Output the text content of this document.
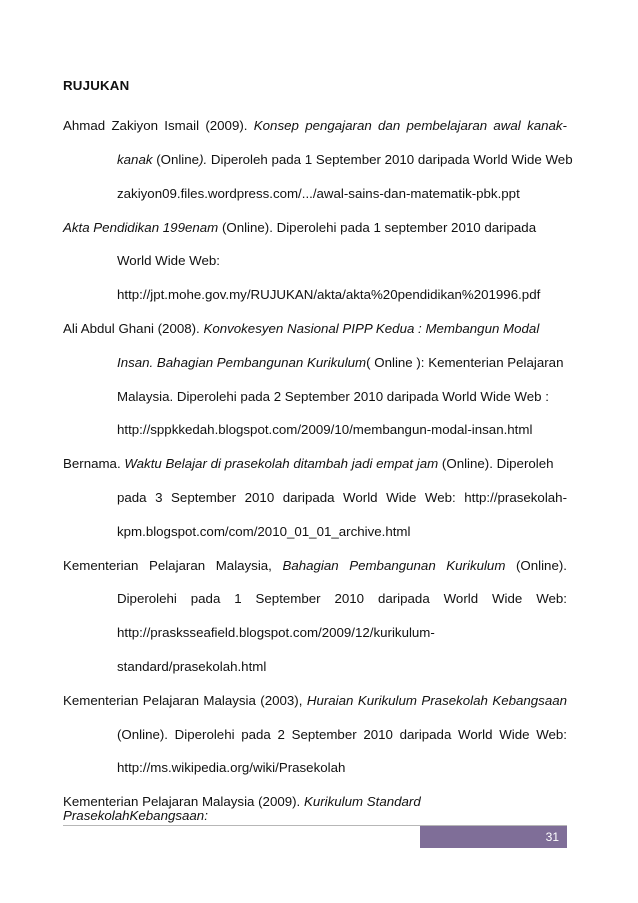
RUJUKAN
Ahmad Zakiyon Ismail (2009). Konsep pengajaran dan pembelajaran awal kanak-
kanak (Online). Diperoleh pada 1 September 2010 daripada World Wide Web
zakiyon09.files.wordpress.com/.../awal-sains-dan-matematik-pbk.ppt
Akta Pendidikan 199enam (Online). Diperolehi pada 1 september 2010 daripada
World Wide Web:
http://jpt.mohe.gov.my/RUJUKAN/akta/akta%20pendidikan%201996.pdf
Ali Abdul Ghani (2008). Konvokesyen Nasional PIPP Kedua : Membangun Modal
Insan. Bahagian Pembangunan Kurikulum( Online ): Kementerian Pelajaran
Malaysia. Diperolehi pada 2 September 2010 daripada World Wide Web :
http://sppkkedah.blogspot.com/2009/10/membangun-modal-insan.html
Bernama. Waktu Belajar di prasekolah ditambah jadi empat jam (Online). Diperoleh
pada 3 September 2010 daripada World Wide Web: http://prasekolah-
kpm.blogspot.com/com/2010_01_01_archive.html
Kementerian Pelajaran Malaysia, Bahagian Pembangunan Kurikulum (Online).
Diperolehi pada 1 September 2010 daripada World Wide Web:
http://prasksseafield.blogspot.com/2009/12/kurikulum-
standard/prasekolah.html
Kementerian Pelajaran Malaysia (2003), Huraian Kurikulum Prasekolah Kebangsaan
(Online). Diperolehi pada 2 September 2010 daripada World Wide Web:
http://ms.wikipedia.org/wiki/Prasekolah
Kementerian Pelajaran Malaysia (2009). Kurikulum Standard
PrasekolahKebangsaan:
31
